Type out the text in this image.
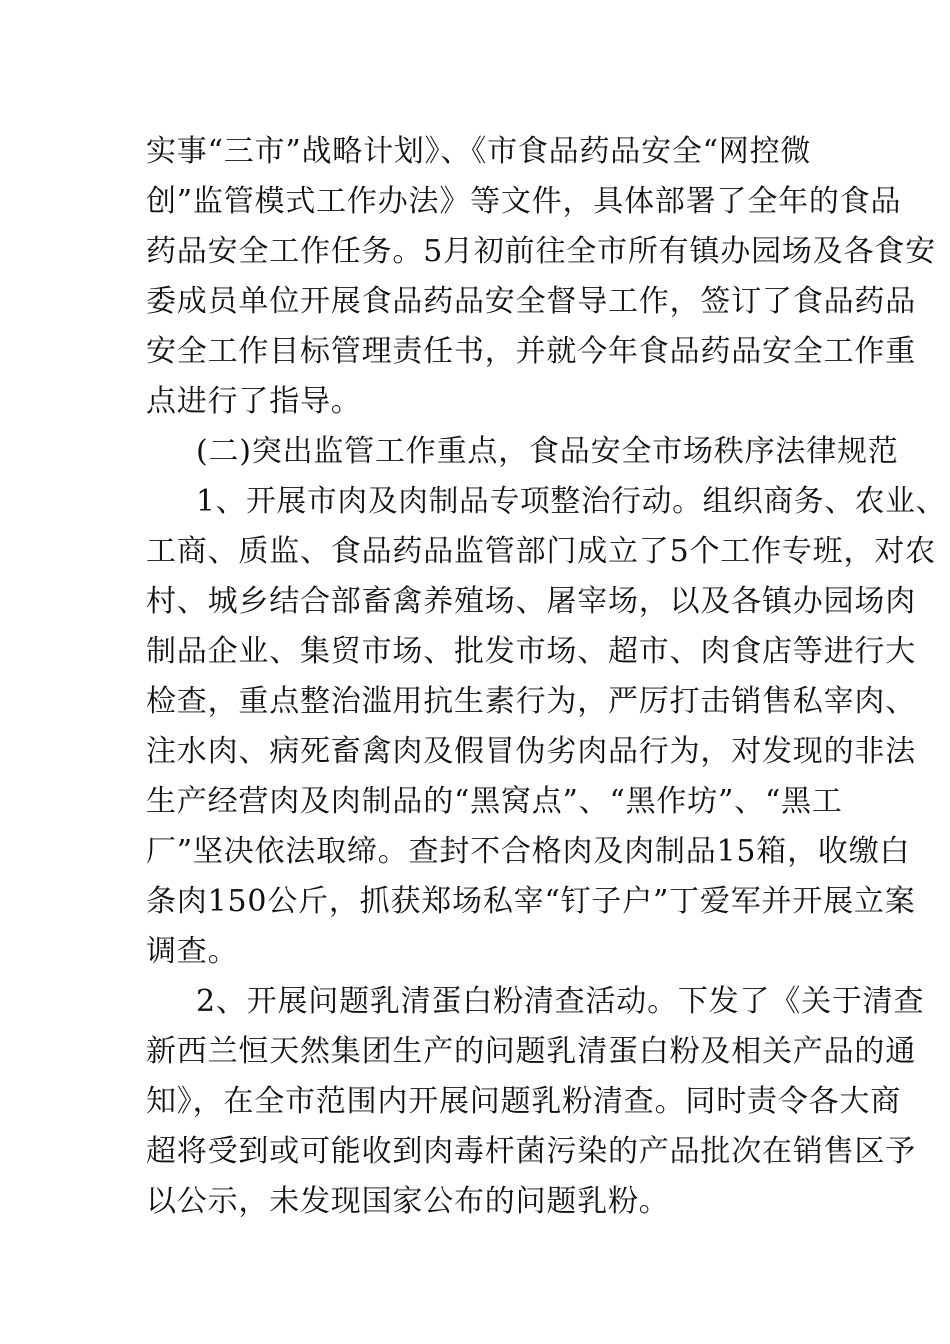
实事“三市”战略计划》、《市食品药品安全“网控微
创”监管模式工作办法》等文件，具体部署了全年的食品
药品安全工作任务。5月初前往全市所有镇办园场及各食安
委成员单位开展食品药品安全督导工作，签订了食品药品
安全工作目标管理责任书，并就今年食品药品安全工作重
点进行了指导。
(二)突出监管工作重点，食品安全市场秩序法律规范
1、开展市肉及肉制品专项整治行动。组织商务、农业、
工商、质监、食品药品监管部门成立了5个工作专班，对农
村、城乡结合部畜禽养殖场、屠宰场，以及各镇办园场肉
制品企业、集贸市场、批发市场、超市、肉食店等进行大
检查，重点整治滥用抗生素行为，严厉打击销售私宰肉、
注水肉、病死畜禽肉及假冒伪劣肉品行为，对发现的非法
生产经营肉及肉制品的“黑窝点”、“黑作坊”、“黑工
厂”坚决依法取缔。查封不合格肉及肉制品15箱，收缴白
条肉150公斤，抓获郑场私宰“钉子户”丁爱军并开展立案
调查。
2、开展问题乳清蛋白粉清查活动。下发了《关于清查
新西兰恒天然集团生产的问题乳清蛋白粉及相关产品的通
知》，在全市范围内开展问题乳粉清查。同时责令各大商
超将受到或可能收到肉毒杆菌污染的产品批次在销售区予
以公示，未发现国家公布的问题乳粉。
